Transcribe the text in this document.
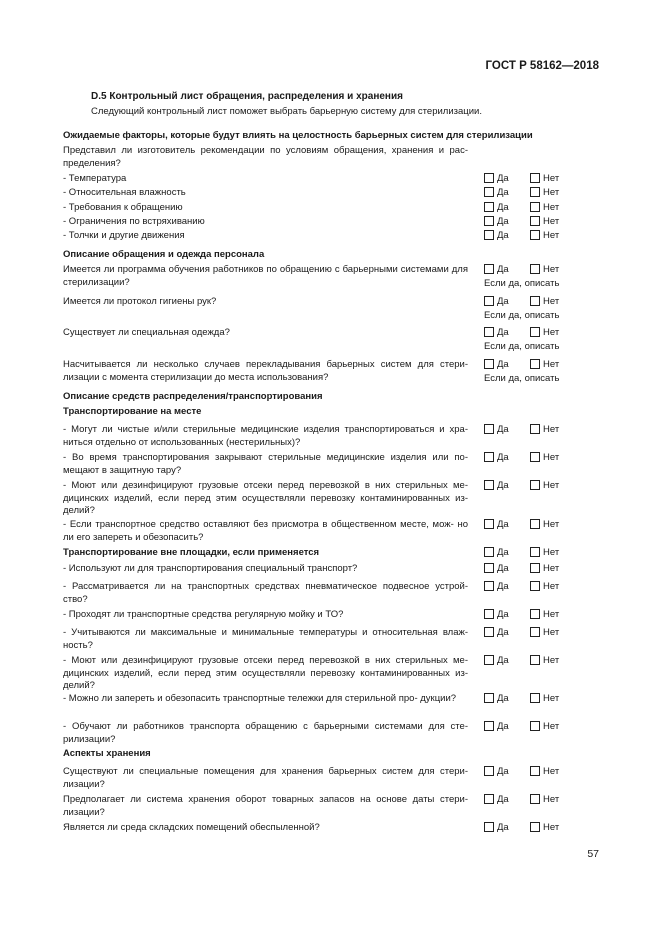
ГОСТ Р 58162—2018
D.5 Контрольный лист обращения, распределения и хранения
Следующий контрольный лист поможет выбрать барьерную систему для стерилизации.
Ожидаемые факторы, которые будут влиять на целостность барьерных систем для стерилизации
Представил ли изготовитель рекомендации по условиям обращения, хранения и рас- пределения?
- Температура	Да	Нет
- Относительная влажность	Да	Нет
- Требования к обращению	Да	Нет
- Ограничения по встряхиванию	Да	Нет
- Толчки и другие движения	Да	Нет
Описание обращения и одежда персонала
Имеется ли программа обучения работников по обращению с барьерными системами для стерилизации?
Да	Нет
Если да, описать
Имеется ли протокол гигиены рук?	Да	Нет
Если да, описать
Существует ли специальная одежда?	Да	Нет
Если да, описать
Насчитывается ли несколько случаев перекладывания барьерных систем для стери- лизации с момента стерилизации до места использования?
Да	Нет
Если да, описать
Описание средств распределения/транспортирования
Транспортирование на месте
- Могут ли чистые и/или стерильные медицинские изделия транспортироваться и хра- ниться отдельно от использованных (нестерильных)?
Да	Нет
- Во время транспортирования закрывают стерильные медицинские изделия или по- мещают в защитную тару?
Да	Нет
- Моют или дезинфицируют грузовые отсеки перед перевозкой в них стерильных ме- дицинских изделий, если перед этим осуществляли перевозку контаминированных из- делий?
Да	Нет
- Если транспортное средство оставляют без присмотра в общественном месте, мож- но ли его запереть и обезопасить?
Да	Нет
Транспортирование вне площадки, если применяется	Да	Нет
- Используют ли для транспортирования специальный транспорт?	Да	Нет
- Рассматривается ли на транспортных средствах пневматическое подвесное устрой- ство?
Да	Нет
- Проходят ли транспортные средства регулярную мойку и ТО?	Да	Нет
- Учитываются ли максимальные и минимальные температуры и относительная влаж- ность?
Да	Нет
- Моют или дезинфицируют грузовые отсеки перед перевозкой в них стерильных ме- дицинских изделий, если перед этим осуществляли перевозку контаминированных из- делий?
Да	Нет
- Можно ли запереть и обезопасить транспортные тележки для стерильной про- дукции?	Да	Нет
- Обучают ли работников транспорта обращению с барьерными системами для сте- рилизации?
Да	Нет
Аспекты хранения
Существуют ли специальные помещения для хранения барьерных систем для стери- лизации?
Да	Нет
Предполагает ли система хранения оборот товарных запасов на основе даты стери- лизации?
Да	Нет
Является ли среда складских помещений обеспыленной?	Да	Нет
57
